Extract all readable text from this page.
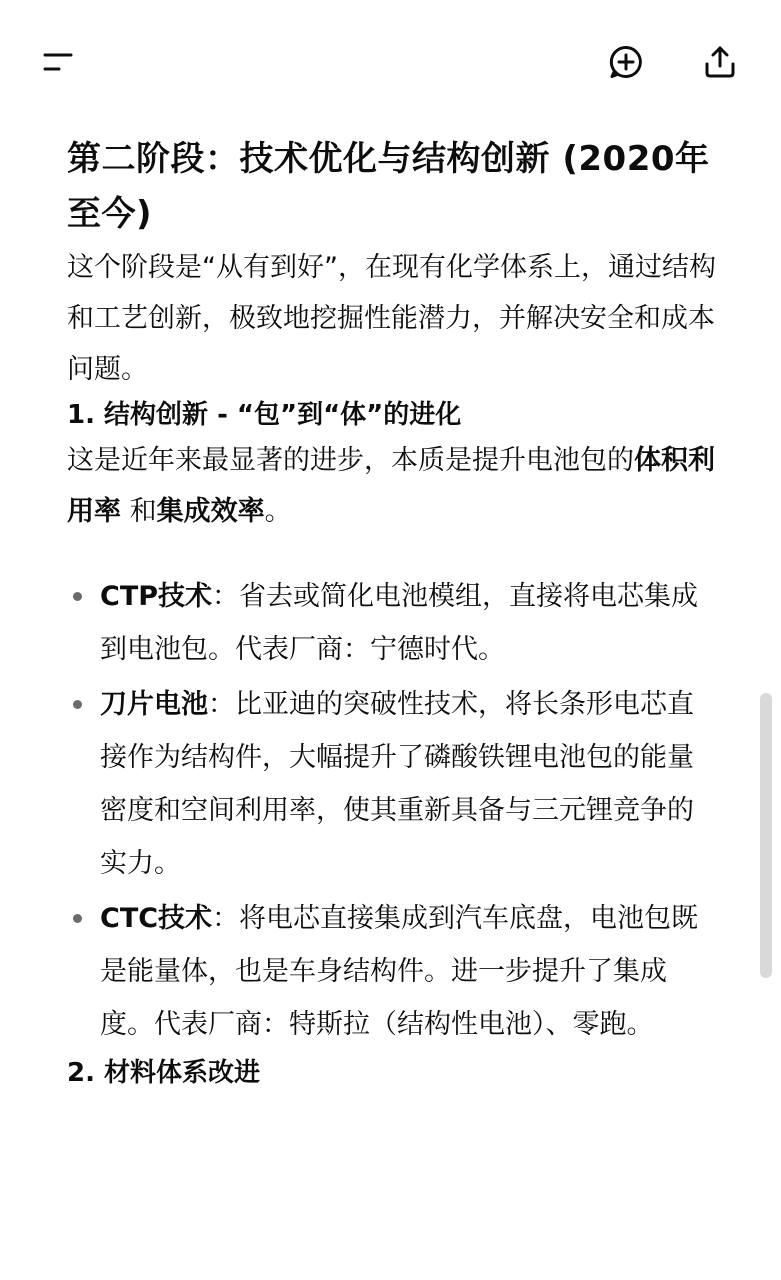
第二阶段：技术优化与结构创新 (2020年至今)

这个阶段是“从有到好”，在现有化学体系上，通过结构和工艺创新，极致地挖掘性能潜力，并解决安全和成本问题。

1. 结构创新 - “包”到“体”的进化

这是近年来最显著的进步，本质是提升电池包的体积利用率 和集成效率。

CTP技术：省去或简化电池模组，直接将电芯集成到电池包。代表厂商：宁德时代。
刀片电池：比亚迪的突破性技术，将长条形电芯直接作为结构件，大幅提升了磷酸铁锂电池包的能量密度和空间利用率，使其重新具备与三元锂竞争的实力。
CTC技术：将电芯直接集成到汽车底盘，电池包既是能量体，也是车身结构件。进一步提升了集成度。代表厂商：特斯拉（结构性电池）、零跑。
2. 材料体系改进
